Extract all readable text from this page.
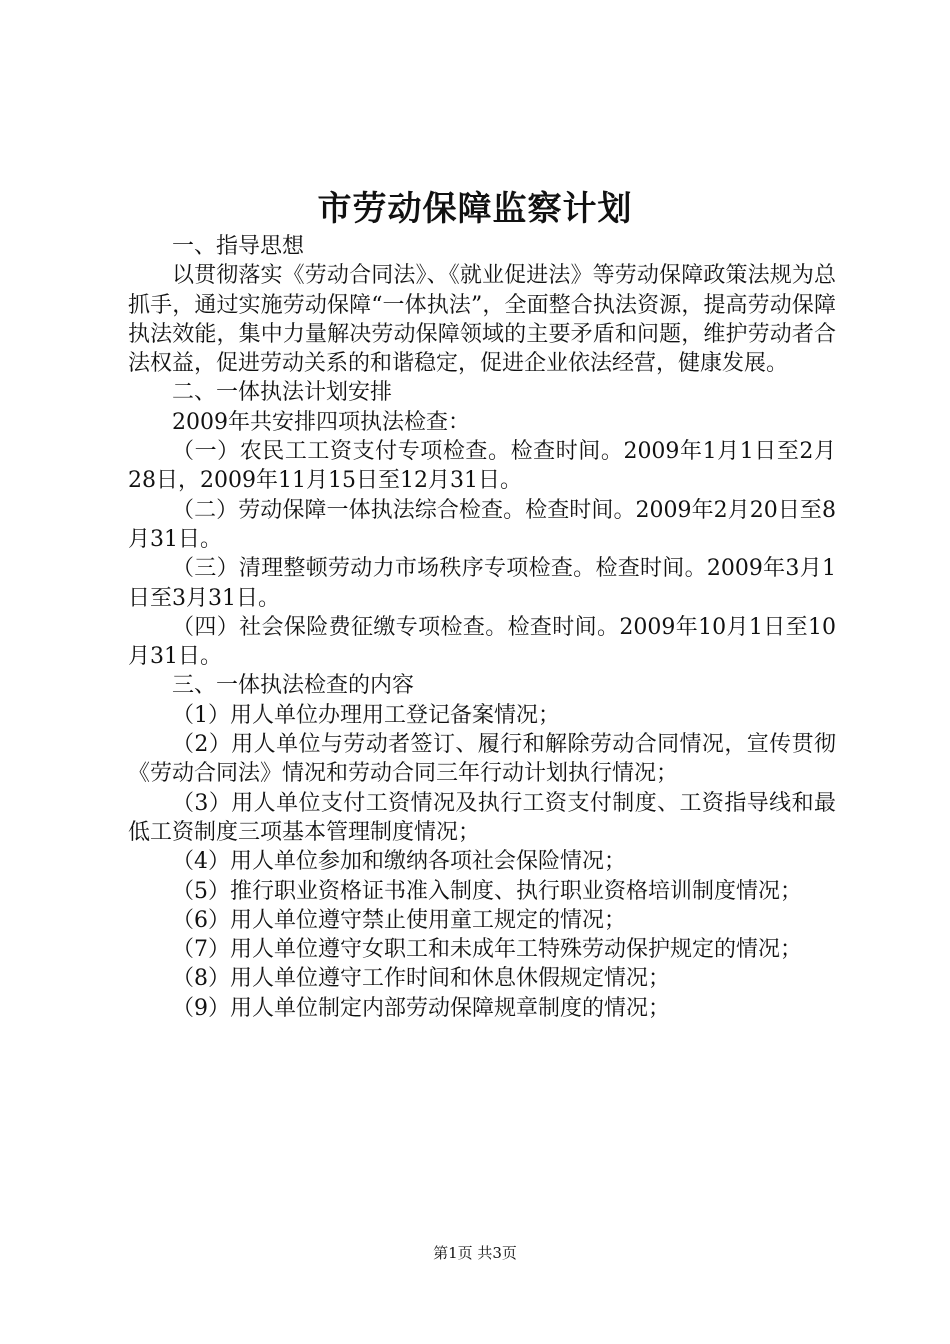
市劳动保障监察计划

一、指导思想

以贯彻落实《劳动合同法》、《就业促进法》等劳动保障政策法规为总抓手，通过实施劳动保障“一体执法”，全面整合执法资源，提高劳动保障执法效能，集中力量解决劳动保障领域的主要矛盾和问题，维护劳动者合法权益，促进劳动关系的和谐稳定，促进企业依法经营，健康发展。

二、一体执法计划安排

2009年共安排四项执法检查：

（一）农民工工资支付专项检查。检查时间。2009年1月1日至2月28日，2009年11月15日至12月31日。

（二）劳动保障一体执法综合检查。检查时间。2009年2月20日至8月31日。

（三）清理整顿劳动力市场秩序专项检查。检查时间。2009年3月1日至3月31日。

（四）社会保险费征缴专项检查。检查时间。2009年10月1日至10月31日。

三、一体执法检查的内容

（1）用人单位办理用工登记备案情况；

（2）用人单位与劳动者签订、履行和解除劳动合同情况，宣传贯彻《劳动合同法》情况和劳动合同三年行动计划执行情况；

（3）用人单位支付工资情况及执行工资支付制度、工资指导线和最低工资制度三项基本管理制度情况；

（4）用人单位参加和缴纳各项社会保险情况；

（5）推行职业资格证书准入制度、执行职业资格培训制度情况；

（6）用人单位遵守禁止使用童工规定的情况；

（7）用人单位遵守女职工和未成年工特殊劳动保护规定的情况；

（8）用人单位遵守工作时间和休息休假规定情况；

（9）用人单位制定内部劳动保障规章制度的情况；

第1页 共3页
